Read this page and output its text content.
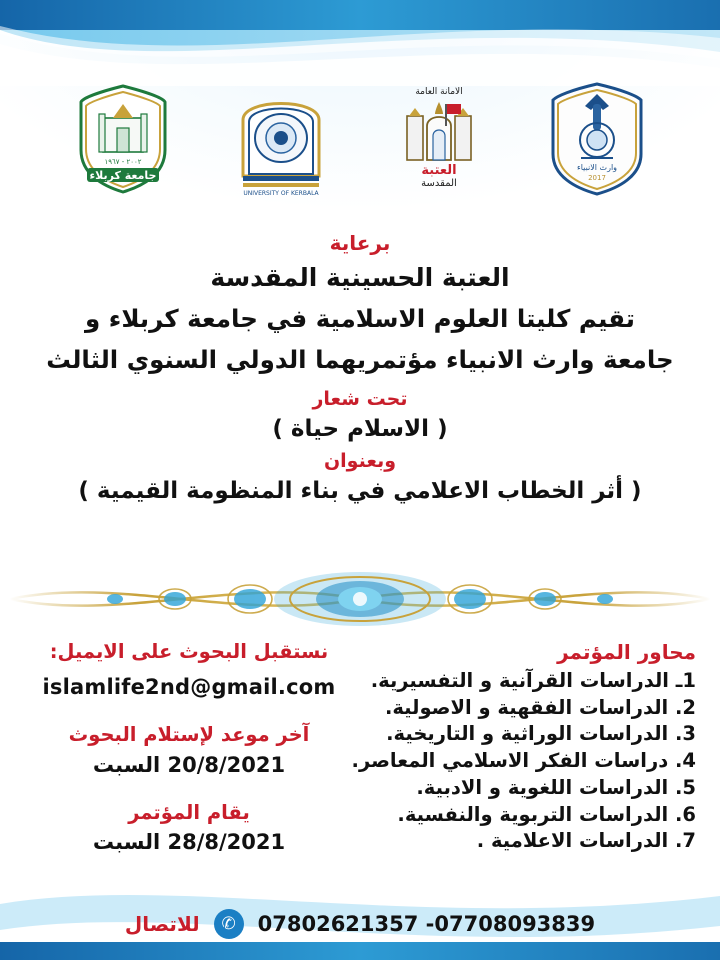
وارث الانبياء
2017
الامانة العامة
العتبة
المقدسة
UNIVERSITY OF KERBALA
٢٠٠٢ - ١٩٦٧
جامعة كربلاء
برعاية
العتبة الحسينية المقدسة
تقيم كليتا العلوم الاسلامية في جامعة كربلاء و
جامعة وارث الانبياء مؤتمريهما الدولي السنوي الثالث
تحت شعار
( الاسلام حياة )
وبعنوان
( أثر الخطاب الاعلامي في بناء المنظومة القيمية )
محاور المؤتمر
1ـ الدراسات القرآنية و التفسيرية.
2. الدراسات الفقهية و الاصولية.
3. الدراسات الوراثية و التاريخية.
4. دراسات الفكر الاسلامي المعاصر.
5. الدراسات اللغوية و الادبية.
6. الدراسات التربوية والنفسية.
7. الدراسات الاعلامية .
نستقبل البحوث على الايميل:
islamlife2nd@gmail.com
آخر موعد لإستلام البحوث
20/8/2021 السبت
يقام المؤتمر
28/8/2021 السبت
07802621357 -07708093839
✆
للاتصال
